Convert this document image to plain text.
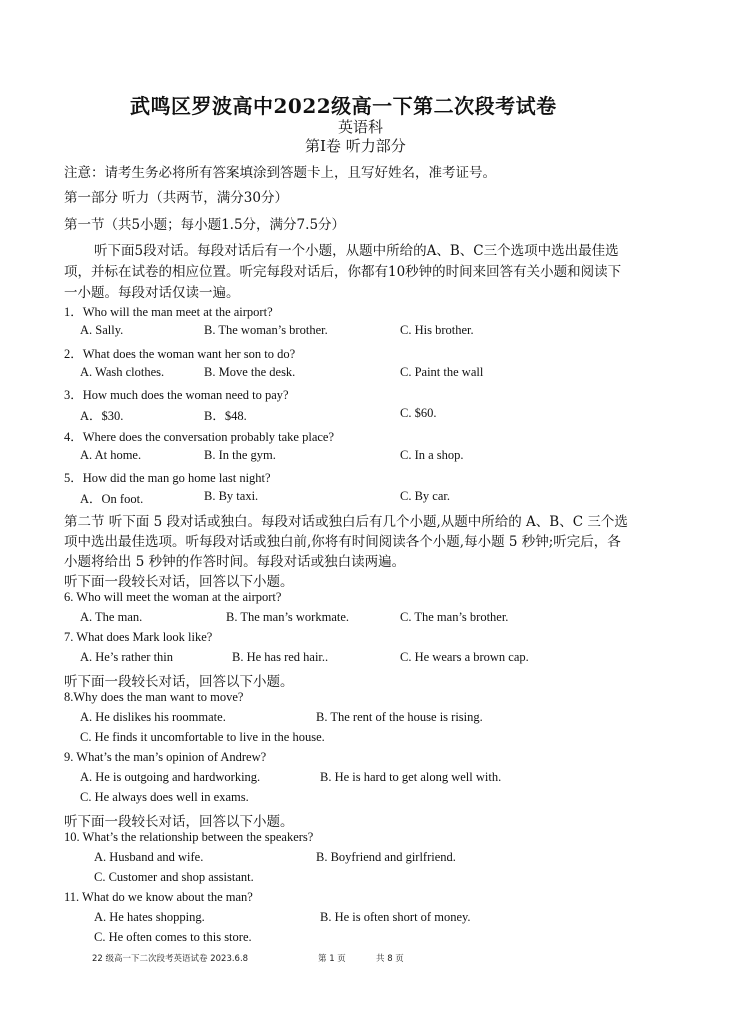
武鸣区罗波高中2022级高一下第二次段考试卷
英语科
第I卷 听力部分
注意：请考生务必将所有答案填涂到答题卡上，且写好姓名，准考证号。
第一部分 听力（共两节，满分30分）
第一节（共5小题；每小题1.5分，满分7.5分）
听下面5段对话。每段对话后有一个小题，从题中所给的A、B、C三个选项中选出最佳选
项，并标在试卷的相应位置。听完每段对话后，你都有10秒钟的时间来回答有关小题和阅读下
一小题。每段对话仅读一遍。
1．Who will the man meet at the airport?
A. Sally.	B. The woman’s brother.	C. His brother.
2．What does the woman want her son to do?
A. Wash clothes.	B. Move the desk.	C. Paint the wall
3．How much does the woman need to pay?
A．$30.	B．$48.	C. $60.
4．Where does the conversation probably take place?
A. At home.	B. In the gym.	C. In a shop.
5．How did the man go home last night?
A．On foot.	B. By taxi.	C. By car.
第二节 听下面 5 段对话或独白。每段对话或独白后有几个小题,从题中所给的 A、B、C 三个选
项中选出最佳选项。听每段对话或独白前,你将有时间阅读各个小题,每小题 5 秒钟;听完后，各
小题将给出 5 秒钟的作答时间。每段对话或独白读两遍。
听下面一段较长对话，回答以下小题。
6. Who will meet the woman at the airport?
A. The man.	B. The man’s workmate.	C. The man’s brother.
7. What does Mark look like?
A. He’s rather thin	B. He has red hair..	C. He wears a brown cap.
听下面一段较长对话，回答以下小题。
8.Why does the man want to move?
A. He dislikes his roommate.	B. The rent of the house is rising.
C. He finds it uncomfortable to live in the house.
9. What’s the man’s opinion of Andrew?
A. He is outgoing and hardworking.	B. He is hard to get along well with.
C. He always does well in exams.
听下面一段较长对话，回答以下小题。
10. What’s the relationship between the speakers?
A. Husband and wife.	B. Boyfriend and girlfriend.
C. Customer and shop assistant.
11. What do we know about the man?
A. He hates shopping.	B. He is often short of money.
C. He often comes to this store.
22 级高一下二次段考英语试卷 2023.6.8	第 1 页	共 8 页
